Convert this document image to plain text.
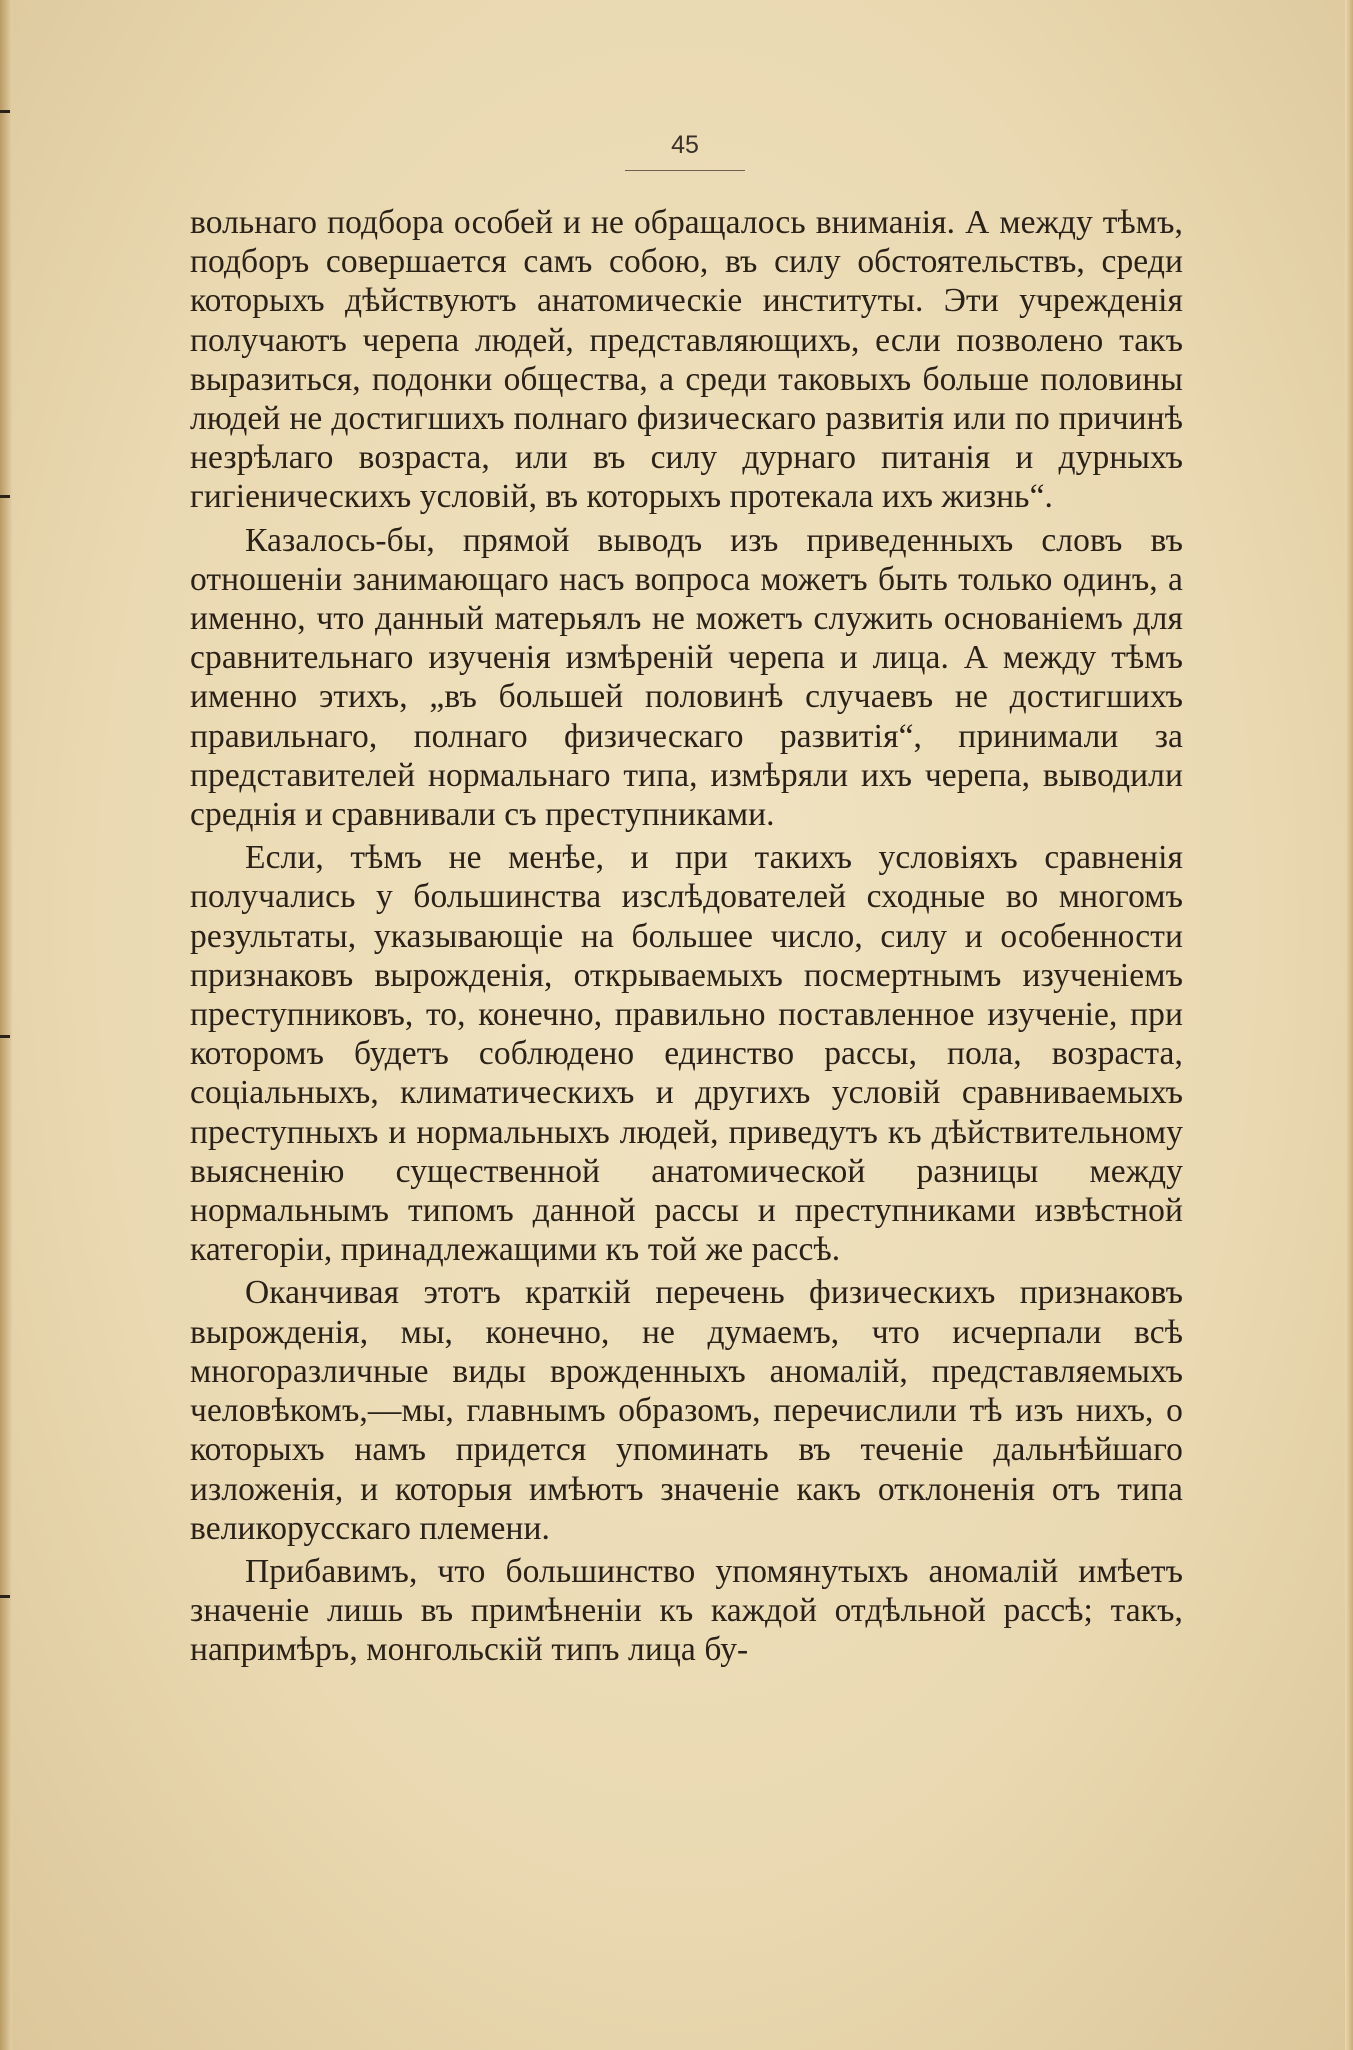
45

вольнаго подбора особей и не обращалось вниманія. А между тѣмъ, подборъ совершается самъ собою, въ силу обстоятельствъ, среди которыхъ дѣйствуютъ анатомическіе институты. Эти учрежденія получаютъ черепа людей, представляющихъ, если позволено такъ выразиться, подонки общества, а среди таковыхъ больше половины людей не достигшихъ полнаго физическаго развитія или по причинѣ незрѣлаго возраста, или въ силу дурнаго питанія и дурныхъ гигіеническихъ условій, въ которыхъ протекала ихъ жизнь“.

Казалось-бы, прямой выводъ изъ приведенныхъ словъ въ отношеніи занимающаго насъ вопроса можетъ быть только одинъ, а именно, что данный матерьялъ не можетъ служить основаніемъ для сравнительнаго изученія измѣреній черепа и лица. А между тѣмъ именно этихъ, „въ большей половинѣ случаевъ не достигшихъ правильнаго, полнаго физическаго развитія“, принимали за представителей нормальнаго типа, измѣряли ихъ черепа, выводили среднія и сравнивали съ преступниками.

Если, тѣмъ не менѣе, и при такихъ условіяхъ сравненія получались у большинства изслѣдователей сходные во многомъ результаты, указывающіе на большее число, силу и особенности признаковъ вырожденія, открываемыхъ посмертнымъ изученіемъ преступниковъ, то, конечно, правильно поставленное изученіе, при которомъ будетъ соблюдено единство рассы, пола, возраста, соціальныхъ, климатическихъ и другихъ условій сравниваемыхъ преступныхъ и нормальныхъ людей, приведутъ къ дѣйствительному выясненію существенной анатомической разницы между нормальнымъ типомъ данной рассы и преступниками извѣстной категоріи, принадлежащими къ той же рассѣ.

Оканчивая этотъ краткій перечень физическихъ признаковъ вырожденія, мы, конечно, не думаемъ, что исчерпали всѣ многоразличные виды врожденныхъ аномалій, представляемыхъ человѣкомъ,—мы, главнымъ образомъ, перечислили тѣ изъ нихъ, о которыхъ намъ придется упоминать въ теченіе дальнѣйшаго изложенія, и которыя имѣютъ значеніе какъ отклоненія отъ типа великорусскаго племени.

Прибавимъ, что большинство упомянутыхъ аномалій имѣетъ значеніе лишь въ примѣненіи къ каждой отдѣльной рассѣ; такъ, напримѣръ, монгольскій типъ лица бу-
